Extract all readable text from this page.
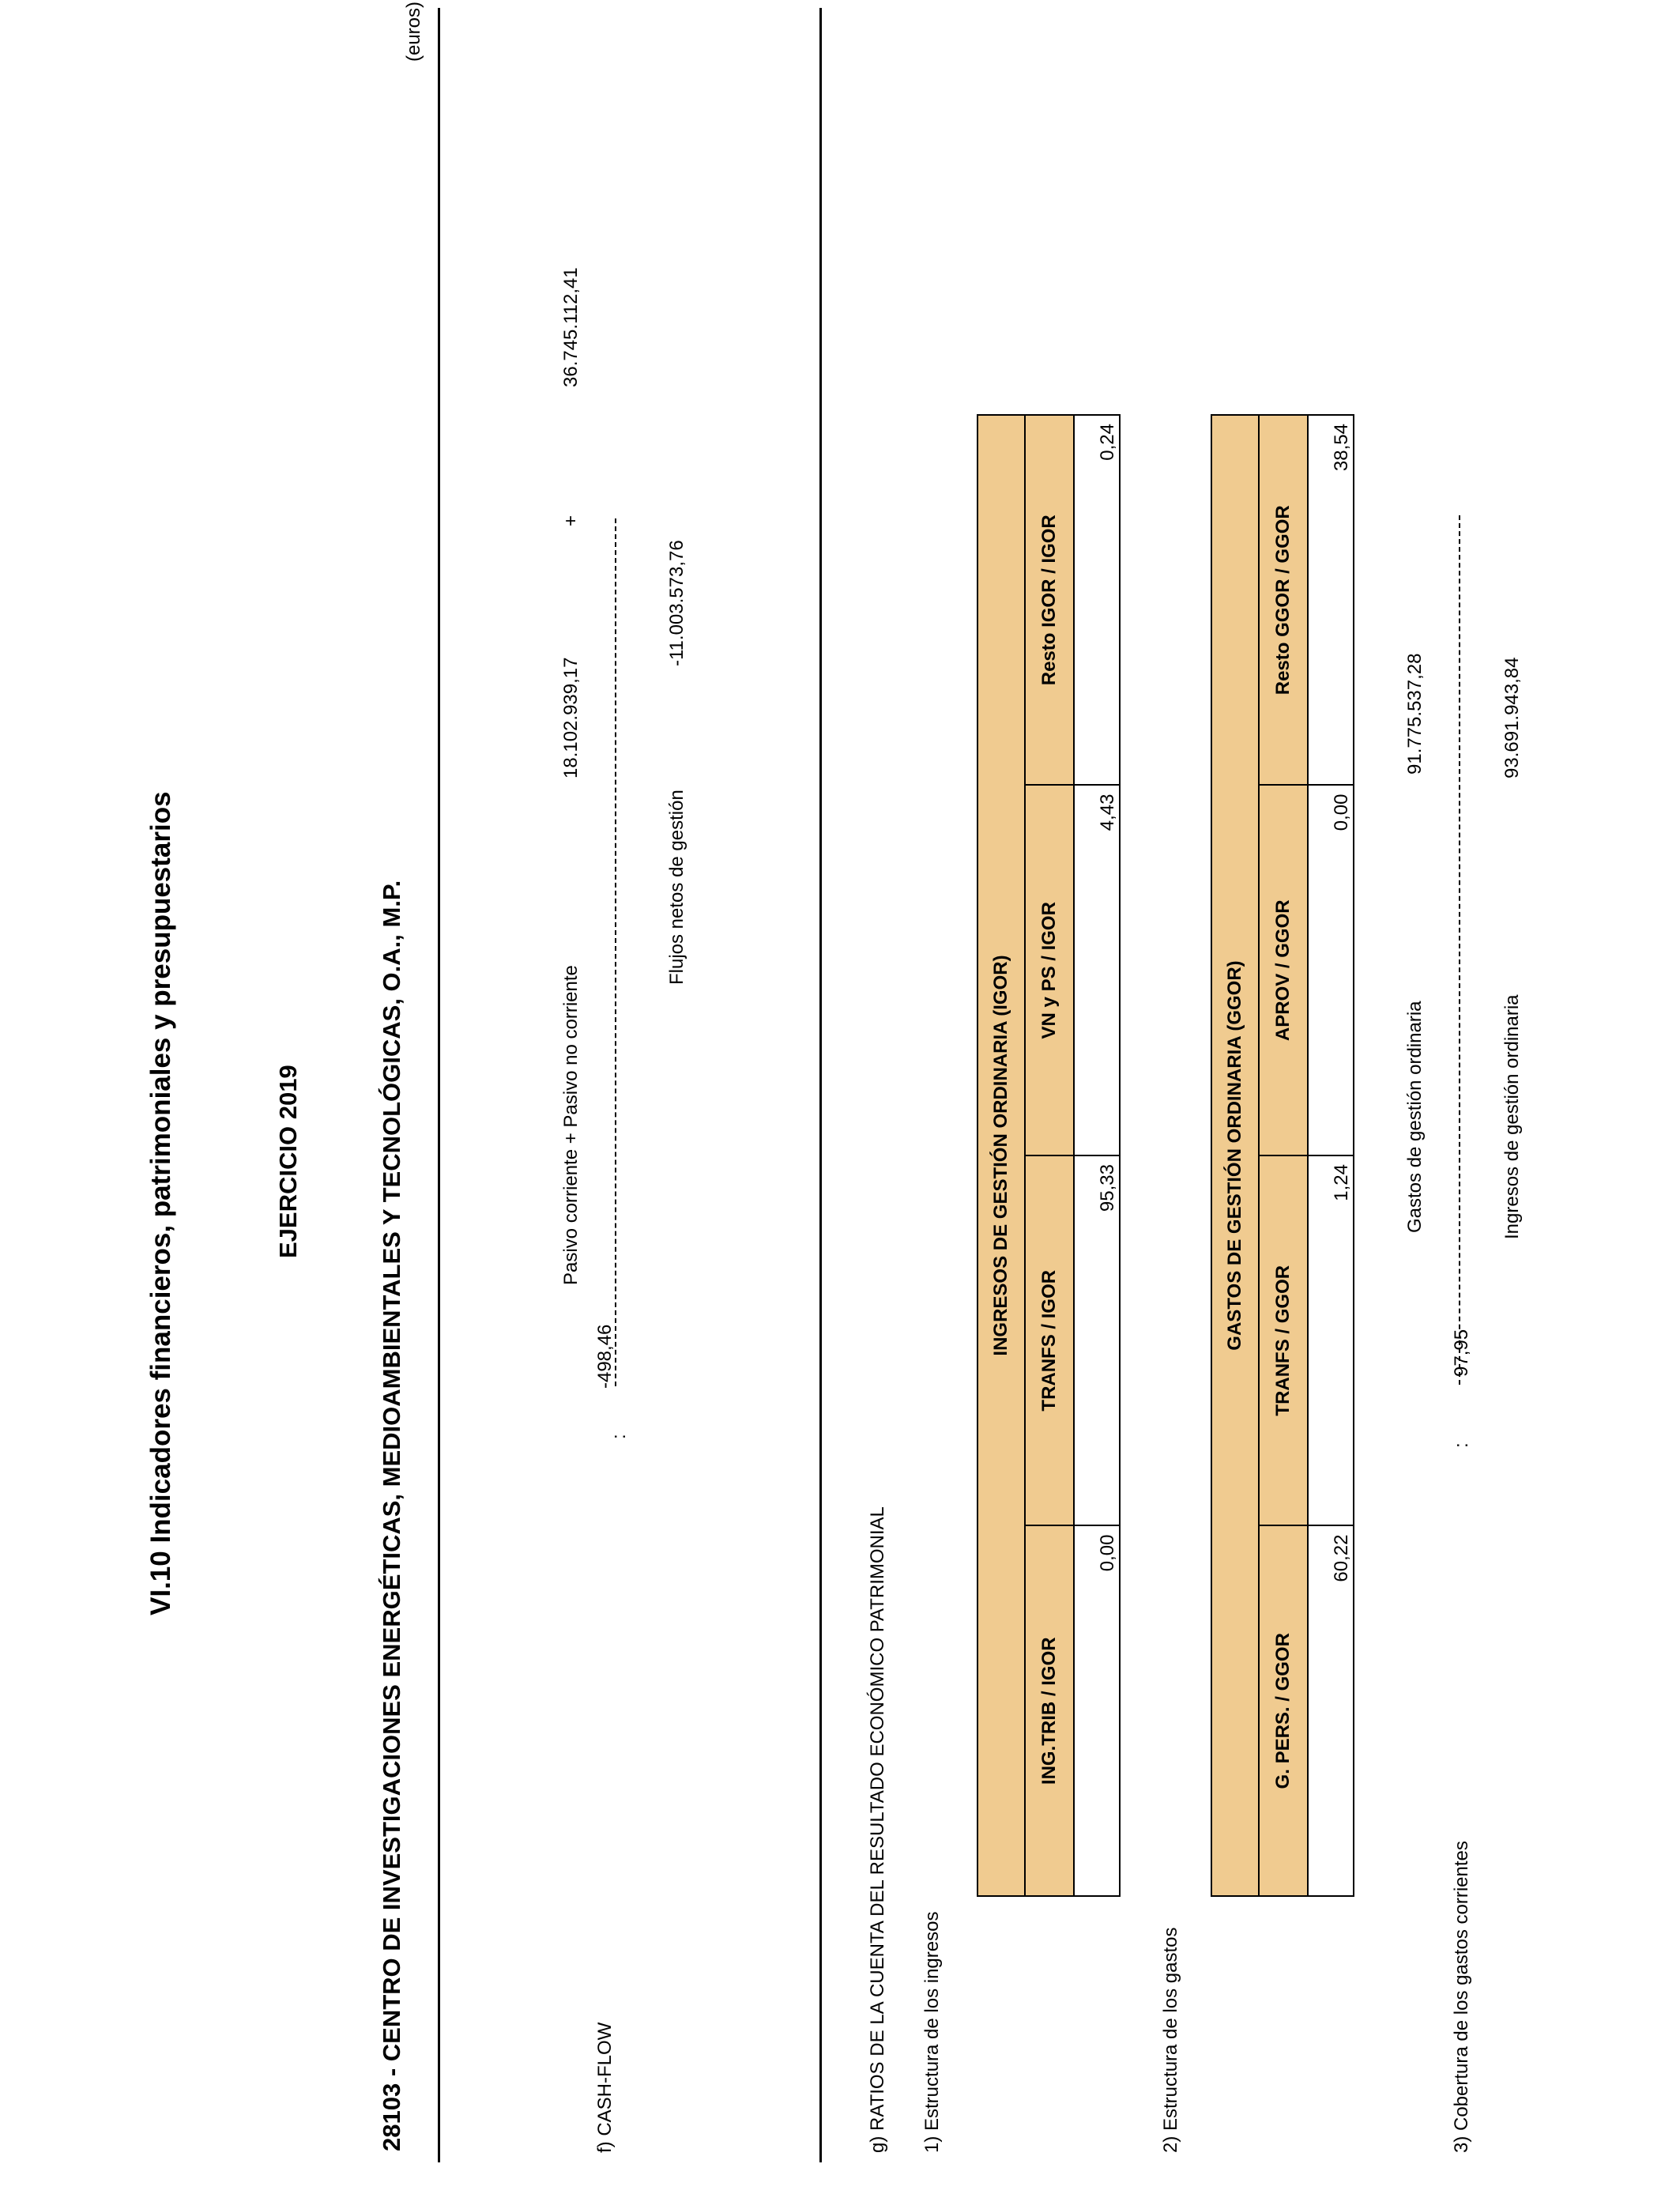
VI.10 Indicadores financieros, patrimoniales y presupuestarios	EJERCICIO 2019	28103 - CENTRO DE INVESTIGACIONES ENERGÉTICAS, MEDIOAMBIENTALES Y TECNOLÓGICAS, O.A., M.P.
(euros)
f) CASH-FLOW
-498,46
:
Pasivo corriente + Pasivo no corriente
18.102.939,17
+
36.745.112,41
Flujos netos de gestión
-11.003.573,76
g) RATIOS DE LA CUENTA DEL RESULTADO ECONÓMICO PATRIMONIAL 1) Estructura de los ingresos
INGRESOS DE GESTIÓN ORDINARIA (IGOR)			
ING.TRIB / IGOR	TRANFS / IGOR	VN y PS / IGOR	Resto IGOR / IGOR
0,00	95,33	4,43	0,24
2) Estructura de los gastos
GASTOS DE GESTIÓN ORDINARIA (GGOR)			
G. PERS. / GGOR	TRANFS / GGOR	APROV / GGOR	Resto GGOR / GGOR
60,22	1,24	0,00	38,54
3) Cobertura de los gastos corrientes
97,95
:
Gastos de gestión ordinaria
91.775.537,28
Ingresos de gestión ordinaria
93.691.943,84
